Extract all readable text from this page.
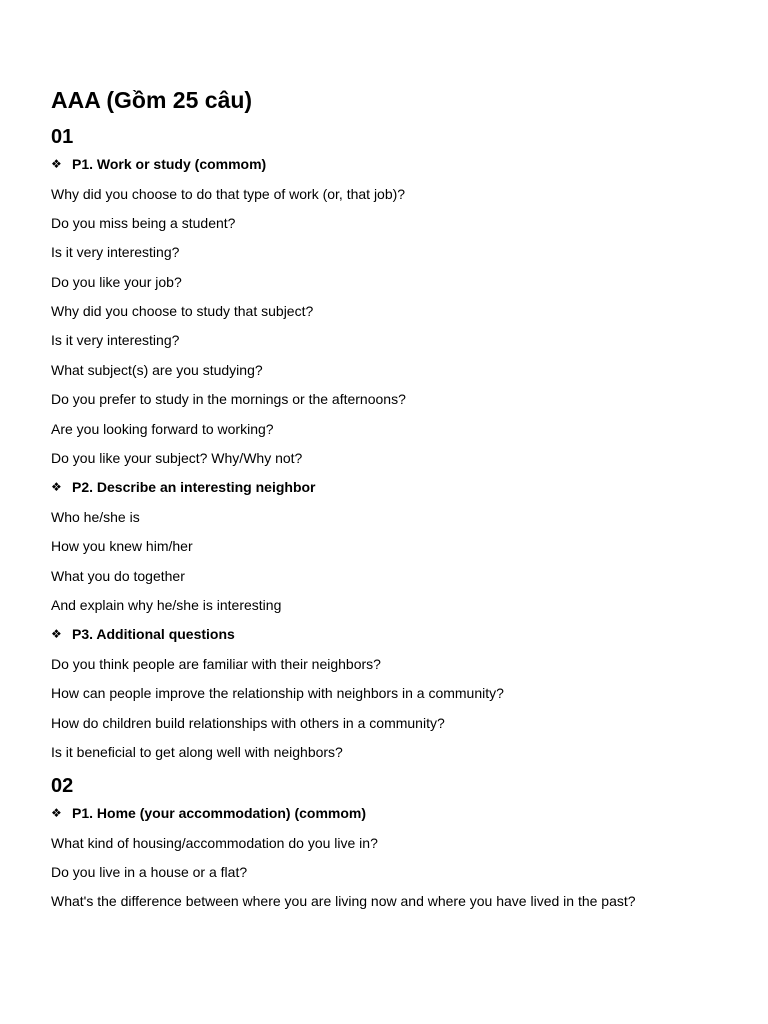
AAA (Gồm 25 câu)
01
❖ P1. Work or study (commom)
Why did you choose to do that type of work (or, that job)?
Do you miss being a student?
Is it very interesting?
Do you like your job?
Why did you choose to study that subject?
Is it very interesting?
What subject(s) are you studying?
Do you prefer to study in the mornings or the afternoons?
Are you looking forward to working?
Do you like your subject? Why/Why not?
❖ P2. Describe an interesting neighbor
Who he/she is
How you knew him/her
What you do together
And explain why he/she is interesting
❖ P3. Additional questions
Do you think people are familiar with their neighbors?
How can people improve the relationship with neighbors in a community?
How do children build relationships with others in a community?
Is it beneficial to get along well with neighbors?
02
❖ P1. Home (your accommodation) (commom)
What kind of housing/accommodation do you live in?
Do you live in a house or a flat?
What's the difference between where you are living now and where you have lived in the past?
